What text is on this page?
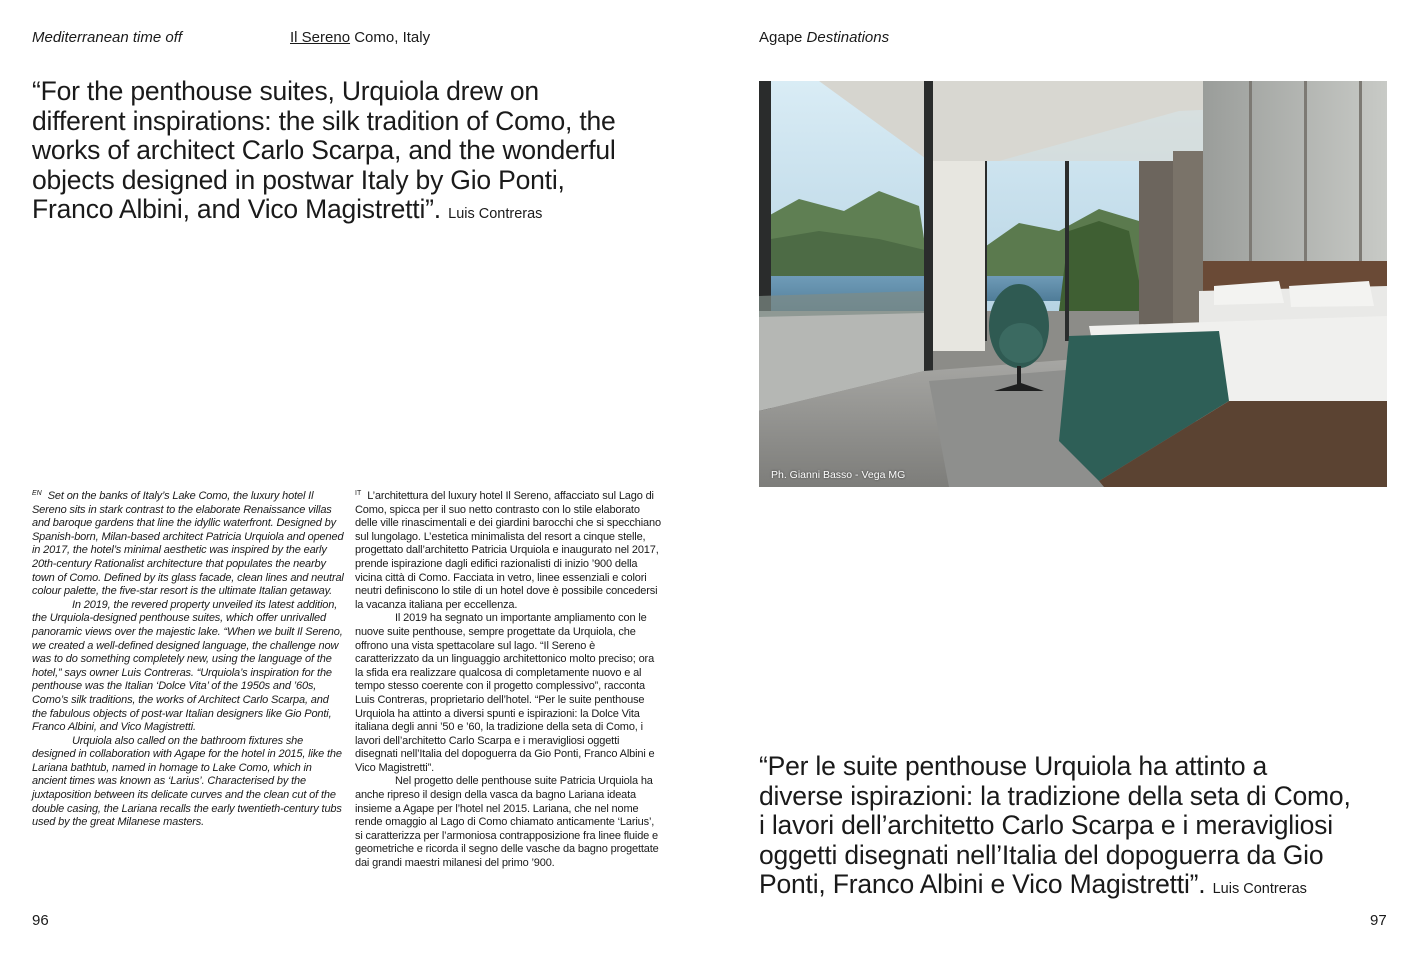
Mediterranean time off	Il Sereno Como, Italy	Agape Destinations
“For the penthouse suites, Urquiola drew on
different inspirations: the silk tradition of Como, the
works of architect Carlo Scarpa, and the wonderful
objects designed in postwar Italy by Gio Ponti,
Franco Albini, and Vico Magistretti”. Luis Contreras

$^{EN}$ Set on the banks of Italy’s Lake Como, the luxury hotel Il Sereno sits in stark contrast to the elaborate Renaissance villas and baroque gardens that line the idyllic waterfront. Designed by Spanish-born, Milan-based architect Patricia Urquiola and opened in 2017, the hotel’s minimal aesthetic was inspired by the early 20th-century Rationalist architecture that populates the nearby town of Como. Defined by its glass facade, clean lines and neutral colour palette, the five-star resort is the ultimate Italian getaway.

In 2019, the revered property unveiled its latest addition, the Urquiola-designed penthouse suites, which offer unrivalled panoramic views over the majestic lake. “When we built Il Sereno, we created a well-defined designed language, the challenge now was to do something completely new, using the language of the hotel,” says owner Luis Contreras. “Urquiola’s inspiration for the penthouse was the Italian ‘Dolce Vita’ of the 1950s and ’60s, Como’s silk traditions, the works of Architect Carlo Scarpa, and the fabulous objects of post-war Italian designers like Gio Ponti, Franco Albini, and Vico Magistretti.

Urquiola also called on the bathroom fixtures she designed in collaboration with Agape for the hotel in 2015, like the Lariana bathtub, named in homage to Lake Como, which in ancient times was known as ‘Larius’. Characterised by the juxtaposition between its delicate curves and the clean cut of the double casing, the Lariana recalls the early twentieth-century tubs used by the great Milanese masters.

$^{IT}$ L’architettura del luxury hotel Il Sereno, affacciato sul Lago di Como, spicca per il suo netto contrasto con lo stile elaborato delle ville rinascimentali e dei giardini barocchi che si specchiano sul lungolago. L’estetica minimalista del resort a cinque stelle, progettato dall’architetto Patricia Urquiola e inaugurato nel 2017, prende ispirazione dagli edifici razionalisti di inizio ’900 della vicina città di Como. Facciata in vetro, linee essenziali e colori neutri definiscono lo stile di un hotel dove è possibile concedersi la vacanza italiana per eccellenza.

Il 2019 ha segnato un importante ampliamento con le nuove suite penthouse, sempre progettate da Urquiola, che offrono una vista spettacolare sul lago. “Il Sereno è caratterizzato da un linguaggio architettonico molto preciso; ora la sfida era realizzare qualcosa di completamente nuovo e al tempo stesso coerente con il progetto complessivo”, racconta Luis Contreras, proprietario dell’hotel. “Per le suite penthouse Urquiola ha attinto a diversi spunti e ispirazioni: la Dolce Vita italiana degli anni ’50 e ’60, la tradizione della seta di Como, i lavori dell’architetto Carlo Scarpa e i meravigliosi oggetti disegnati nell’Italia del dopoguerra da Gio Ponti, Franco Albini e Vico Magistretti”.

Nel progetto delle penthouse suite Patricia Urquiola ha anche ripreso il design della vasca da bagno Lariana ideata insieme a Agape per l’hotel nel 2015. Lariana, che nel nome rende omaggio al Lago di Como chiamato anticamente ‘Larius’, si caratterizza per l’armoniosa contrapposizione fra linee fluide e geometriche e ricorda il segno delle vasche da bagno progettate dai grandi maestri milanesi del primo ’900.

96	97
Ph. Gianni Basso - Vega MG
“Per le suite penthouse Urquiola ha attinto a
diverse ispirazioni: la tradizione della seta di Como,
i lavori dell’architetto Carlo Scarpa e i meravigliosi
oggetti disegnati nell’Italia del dopoguerra da Gio
Ponti, Franco Albini e Vico Magistretti”. Luis Contreras
